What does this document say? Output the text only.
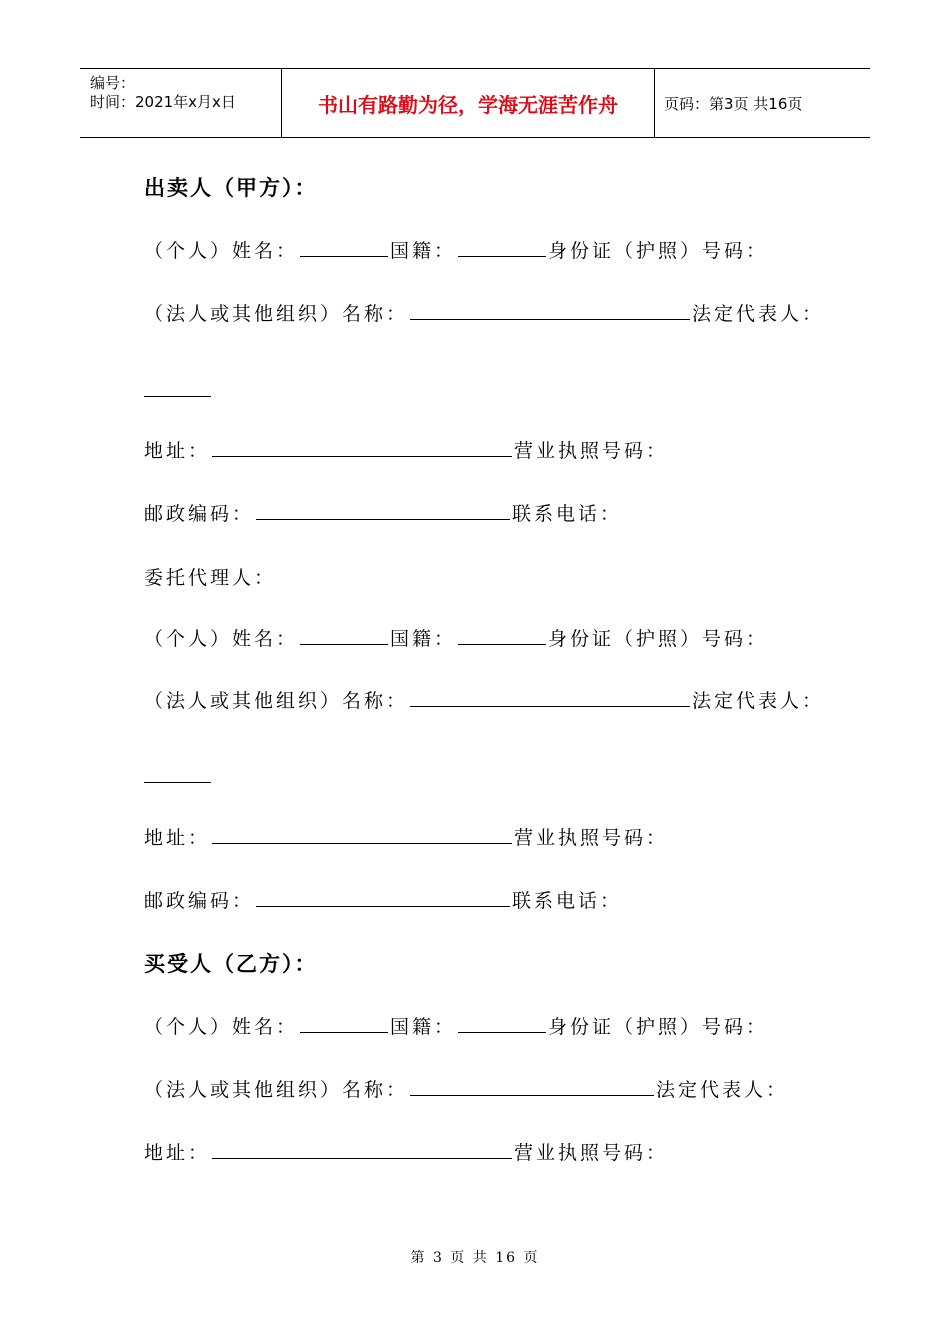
编号：
时间：2021年x月x日	书山有路勤为径，学海无涯苦作舟	页码：第3页 共16页
出卖人（甲方）：
（个人）姓名：	国籍：	身份证（护照）号码：
（法人或其他组织）名称：	法定代表人：
地址：	营业执照号码：
邮政编码：	联系电话：
委托代理人：
（个人）姓名：	国籍：	身份证（护照）号码：
（法人或其他组织）名称：	法定代表人：
地址：	营业执照号码：
邮政编码：	联系电话：
买受人（乙方）：
（个人）姓名：	国籍：	身份证（护照）号码：
（法人或其他组织）名称：	法定代表人：
地址：	营业执照号码：
第 3 页 共 16 页
